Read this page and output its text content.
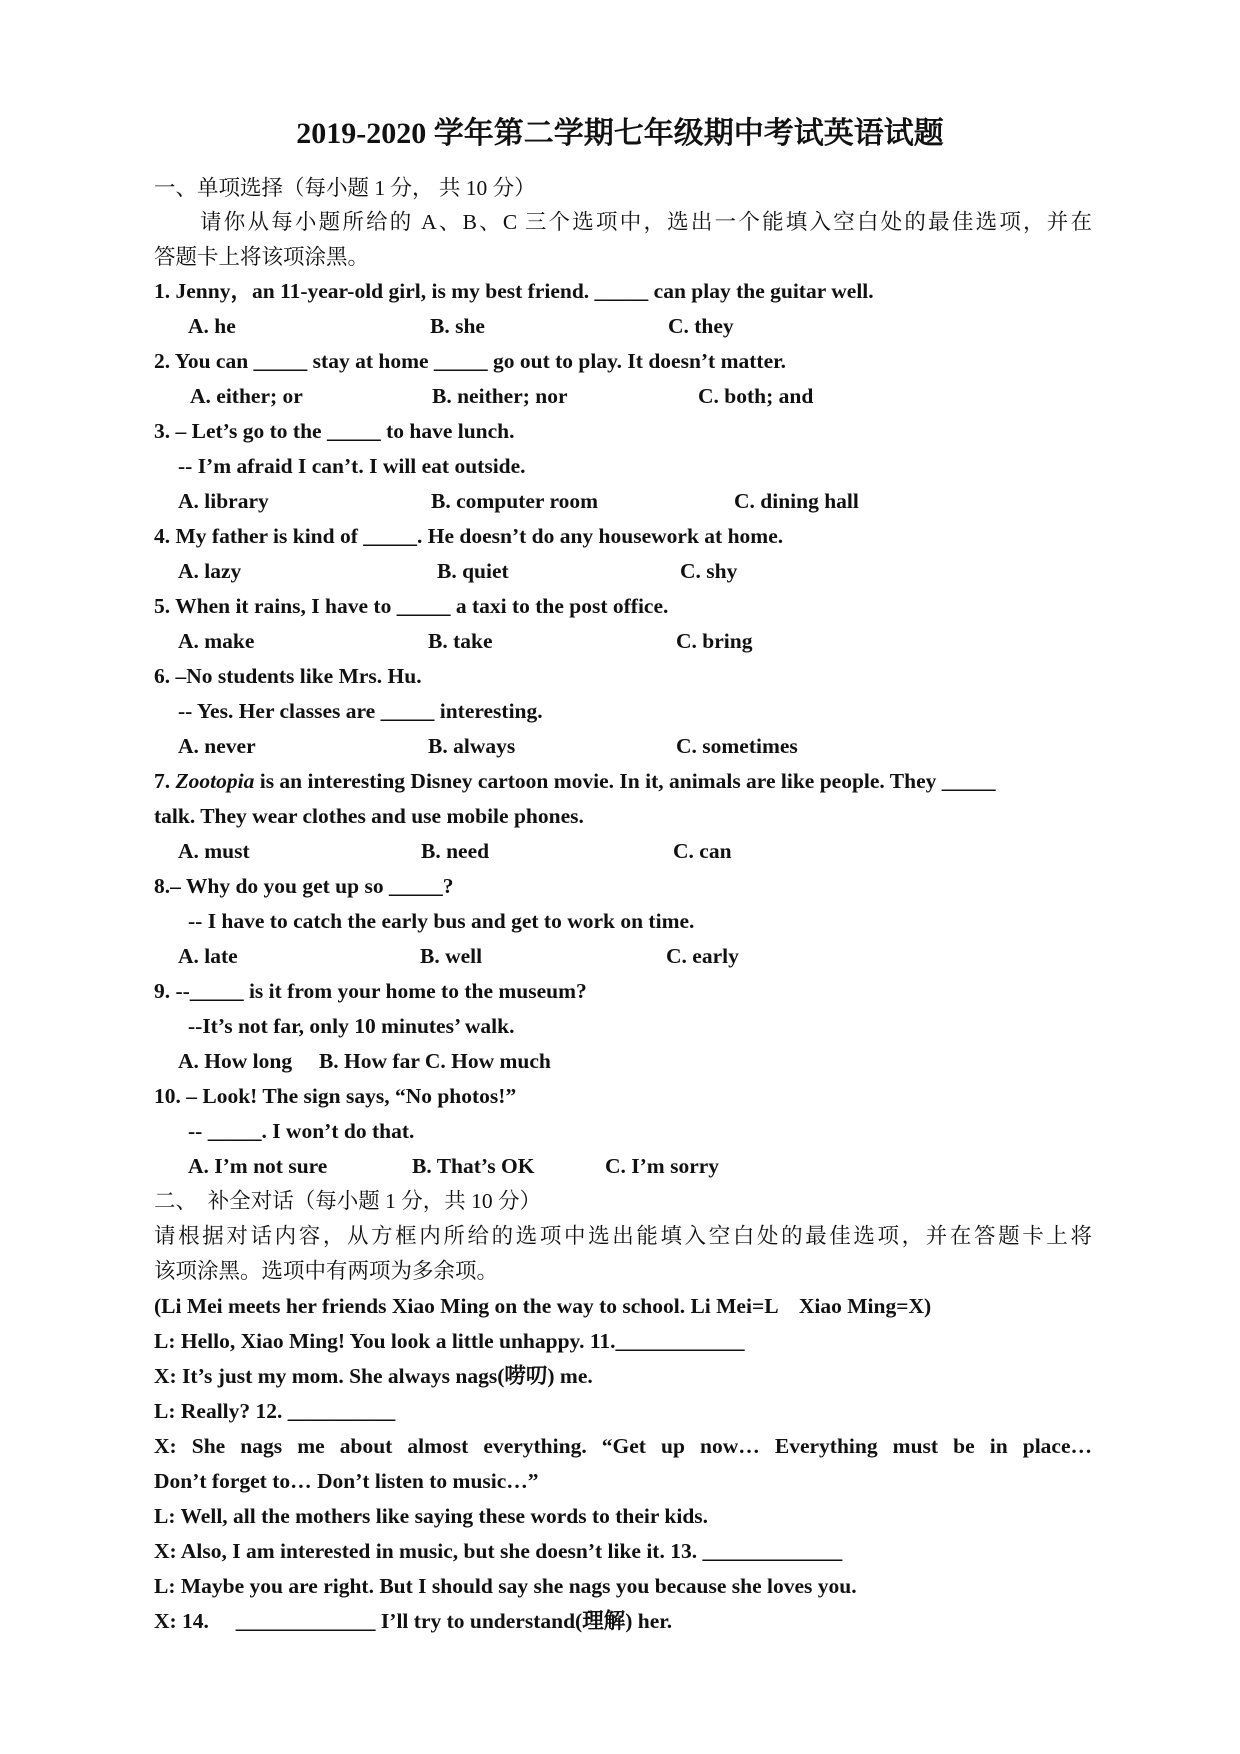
2019-2020 学年第二学期七年级期中考试英语试题
一、单项选择（每小题 1 分， 共 10 分）
请你从每小题所给的 A、B、C 三个选项中，选出一个能填入空白处的最佳选项，并在
答题卡上将该项涂黑。
1. Jenny，an 11-year-old girl, is my best friend. _____ can play the guitar well.
A. he	B. she	C. they
2. You can _____ stay at home _____ go out to play. It doesn’t matter.
A. either; or	B. neither; nor	C. both; and
3. – Let’s go to the _____ to have lunch.
-- I’m afraid I can’t. I will eat outside.
A. library	B. computer room	C. dining hall
4. My father is kind of _____. He doesn’t do any housework at home.
A. lazy	B. quiet	C. shy
5. When it rains, I have to _____ a taxi to the post office.
A. make	B. take	C. bring
6. –No students like Mrs. Hu.
-- Yes. Her classes are _____ interesting.
A. never	B. always	C. sometimes
7. Zootopia is an interesting Disney cartoon movie. In it, animals are like people. They _____
talk. They wear clothes and use mobile phones.
A. must	B. need	C. can
8.– Why do you get up so _____?
-- I have to catch the early bus and get to work on time.
A. late	B. well	C. early
9. --_____ is it from your home to the museum?
--It’s not far, only 10 minutes’ walk.
A. How long     B. How far C. How much
10. – Look! The sign says, “No photos!”
-- _____. I won’t do that.
A. I’m not sure	B. That’s OK	C. I’m sorry
二、  补全对话（每小题 1 分，共 10 分）
请根据对话内容，从方框内所给的选项中选出能填入空白处的最佳选项，并在答题卡上将
该项涂黑。选项中有两项为多余项。
(Li Mei meets her friends Xiao Ming on the way to school. Li Mei=L    Xiao Ming=X)
L: Hello, Xiao Ming! You look a little unhappy. 11.____________
X: It’s just my mom. She always nags(唠叨) me.
L: Really? 12. __________
X: She nags me about almost everything. “Get up now… Everything must be in place…
Don’t forget to… Don’t listen to music…”
L: Well, all the mothers like saying these words to their kids.
X: Also, I am interested in music, but she doesn’t like it. 13. _____________
L: Maybe you are right. But I should say she nags you because she loves you.
X: 14.     _____________ I’ll try to understand(理解) her.
